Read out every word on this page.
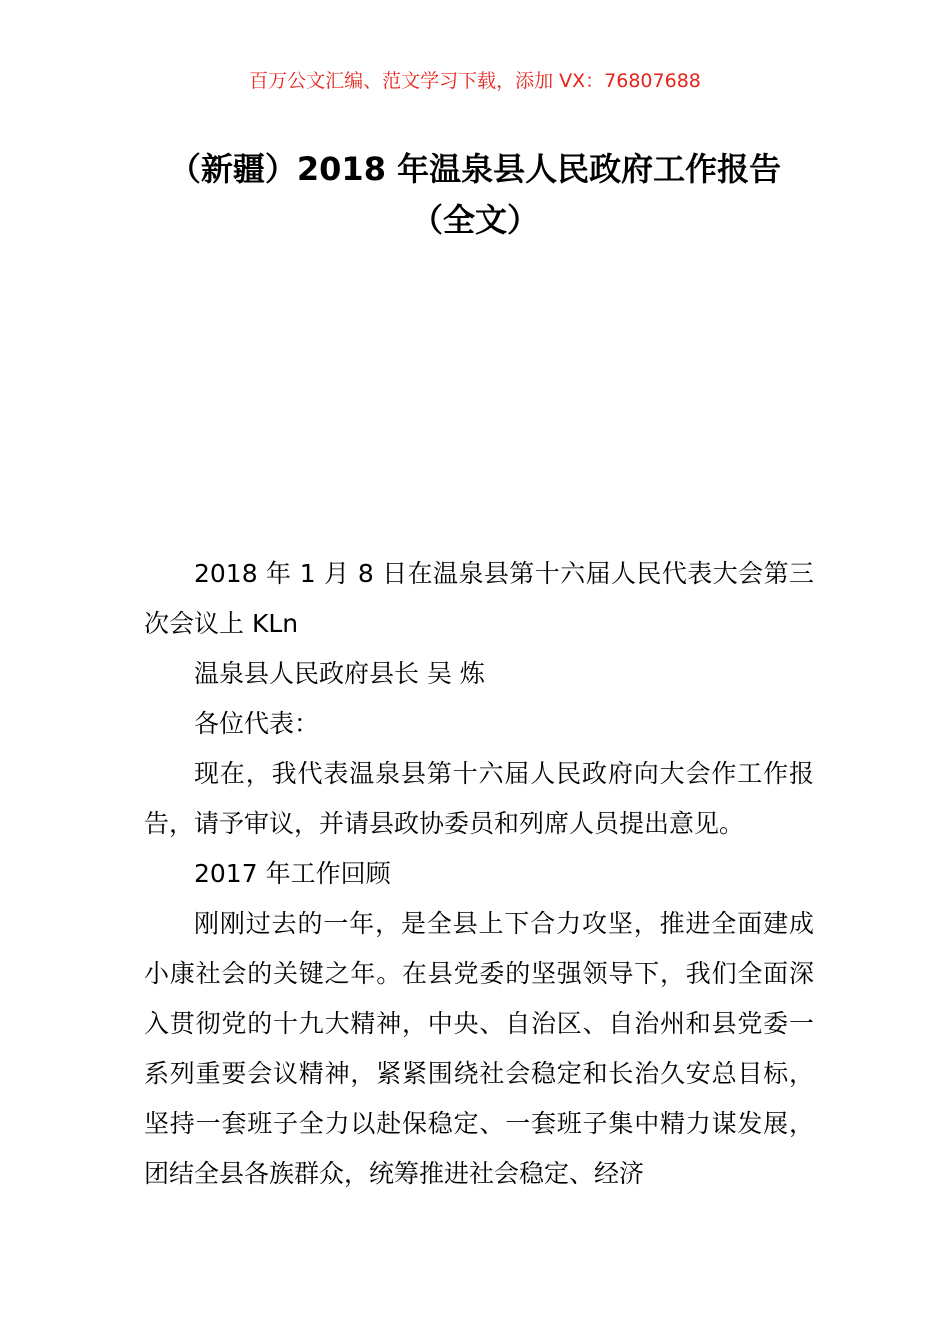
百万公文汇编、范文学习下载，添加 VX：76807688
（新疆）2018 年温泉县人民政府工作报告
（全文）

2018 年 1 月 8 日在温泉县第十六届人民代表大会第三次会议上 KLn

温泉县人民政府县长 吴 炼

各位代表：

现在，我代表温泉县第十六届人民政府向大会作工作报告，请予审议，并请县政协委员和列席人员提出意见。

2017 年工作回顾

刚刚过去的一年，是全县上下合力攻坚，推进全面建成小康社会的关键之年。在县党委的坚强领导下，我们全面深入贯彻党的十九大精神，中央、自治区、自治州和县党委一系列重要会议精神，紧紧围绕社会稳定和长治久安总目标，坚持一套班子全力以赴保稳定、一套班子集中精力谋发展，团结全县各族群众，统筹推进社会稳定、经济
